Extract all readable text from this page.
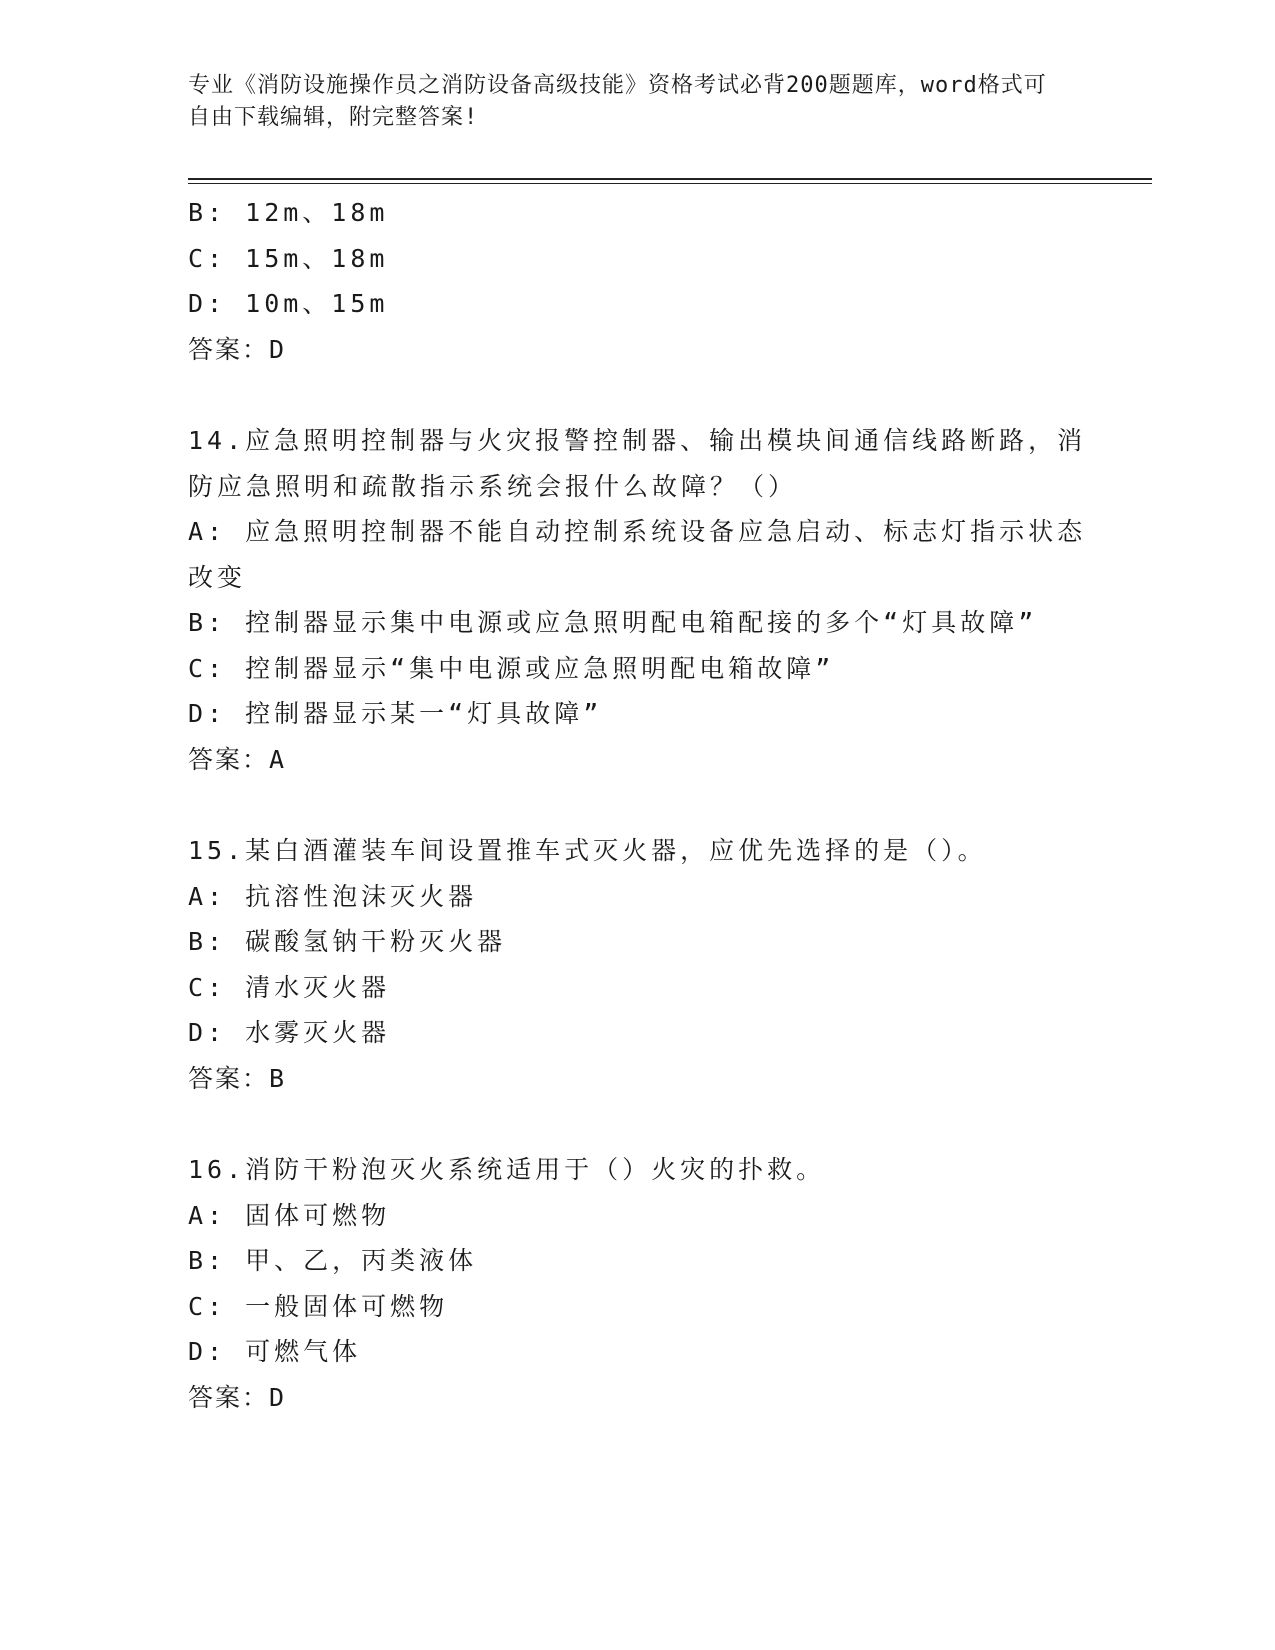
专业《消防设施操作员之消防设备高级技能》资格考试必背200题题库，word格式可自由下载编辑，附完整答案!
B: 12m、18m
C: 15m、18m
D: 10m、15m
答案：D
14.应急照明控制器与火灾报警控制器、输出模块间通信线路断路，消防应急照明和疏散指示系统会报什么故障？（）
A: 应急照明控制器不能自动控制系统设备应急启动、标志灯指示状态改变
B: 控制器显示集中电源或应急照明配电箱配接的多个“灯具故障”
C: 控制器显示“集中电源或应急照明配电箱故障”
D: 控制器显示某一“灯具故障”
答案：A
15.某白酒灌装车间设置推车式灭火器，应优先选择的是（）。
A: 抗溶性泡沫灭火器
B: 碳酸氢钠干粉灭火器
C: 清水灭火器
D: 水雾灭火器
答案：B
16.消防干粉泡灭火系统适用于（）火灾的扑救。
A: 固体可燃物
B: 甲、乙，丙类液体
C: 一般固体可燃物
D: 可燃气体
答案：D
